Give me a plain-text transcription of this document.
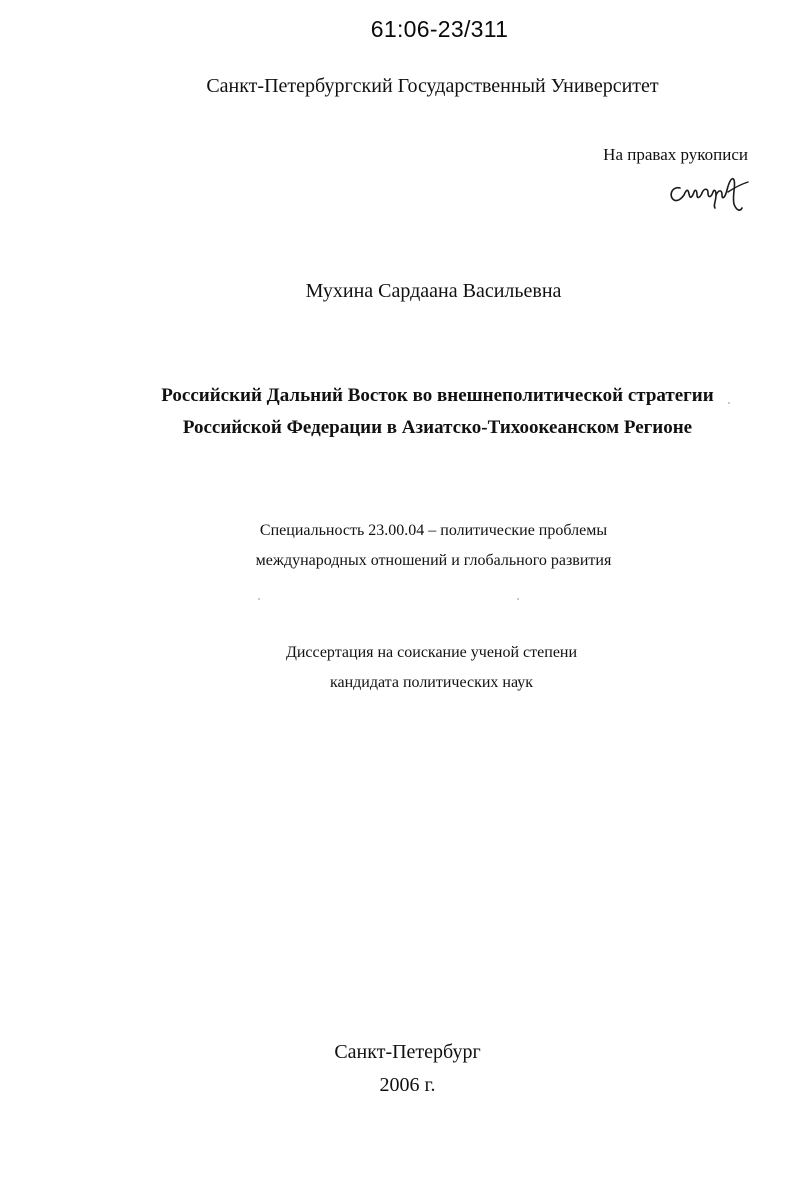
61:06-23/311
Санкт-Петербургский Государственный Университет
На правах рукописи
Мухина Сардаана Васильевна
Российский Дальний Восток во внешнеполитической стратегии
Российской Федерации в Азиатско-Тихоокеанском Регионе
Специальность 23.00.04 – политические проблемы
международных отношений и глобального развития
Диссертация на соискание ученой степени
кандидата политических наук
Санкт-Петербург
2006 г.
